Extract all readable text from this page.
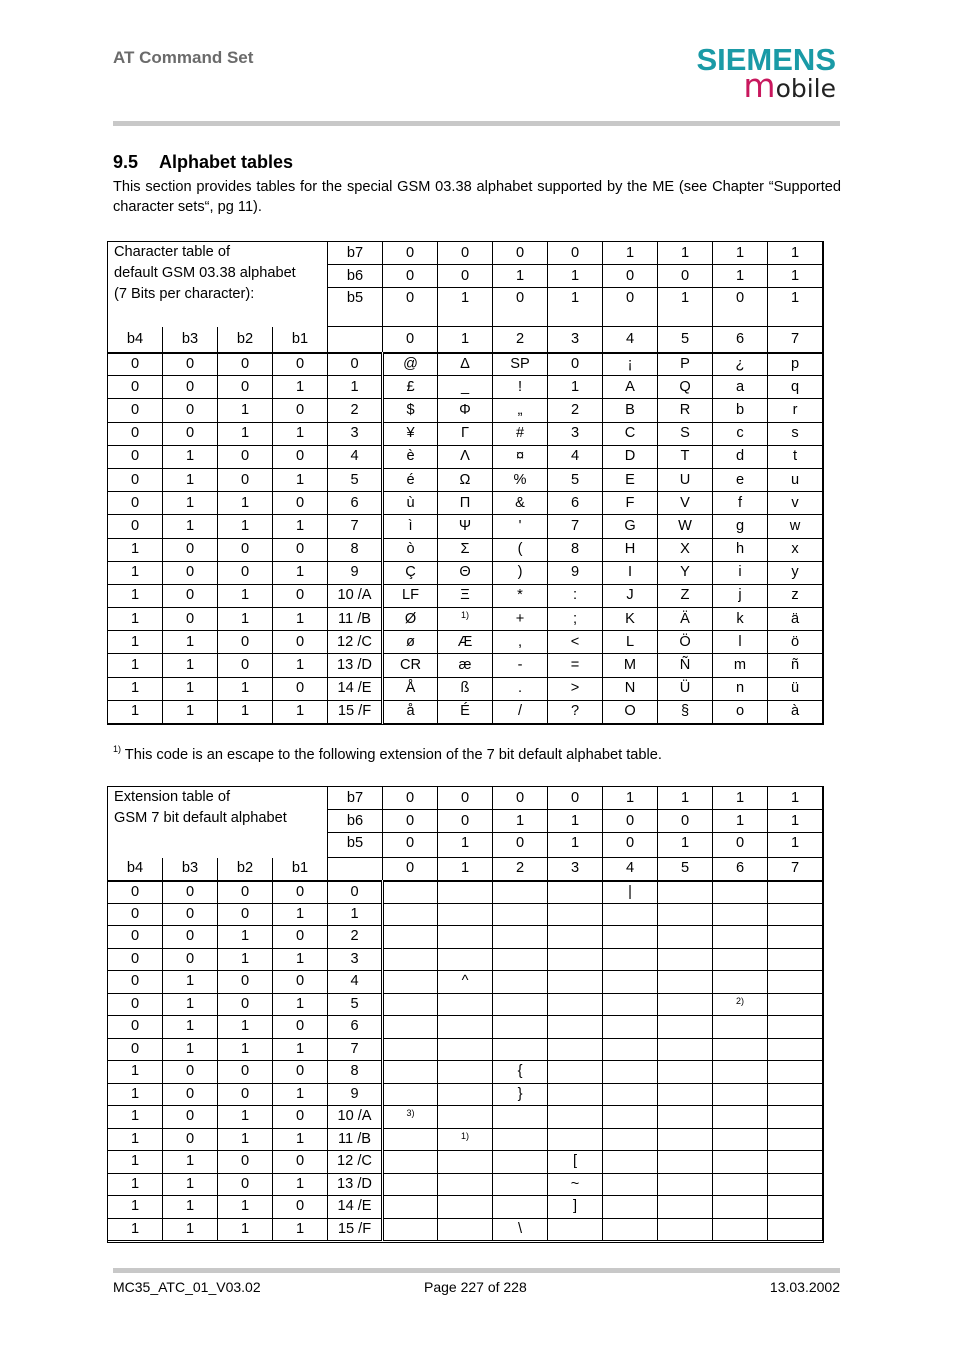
AT Command Set	SIEMENS
mobile
9.5 Alphabet tables
This section provides tables for the special GSM 03.38 alphabet supported by the ME (see Chapter “Supported character sets“, pg 11).
Character table of
default GSM 03.38 alphabet
(7 Bits per character):				b7	0	0	0	0	1	1	1	1
				b6	0	0	1	1	0	0	1	1
				b5	0	1	0	1	0	1	0	1
b4	b3	b2	b1		0	1	2	3	4	5	6	7
0	0	0	0	0	@	Δ	SP	0	¡	P	¿	p
0	0	0	1	1	£	_	!	1	A	Q	a	q
0	0	1	0	2	$	Φ	„	2	B	R	b	r
0	0	1	1	3	¥	Γ	#	3	C	S	c	s
0	1	0	0	4	è	Λ	¤	4	D	T	d	t
0	1	0	1	5	é	Ω	%	5	E	U	e	u
0	1	1	0	6	ù	Π	&	6	F	V	f	v
0	1	1	1	7	ì	Ψ	'	7	G	W	g	w
1	0	0	0	8	ò	Σ	(	8	H	X	h	x
1	0	0	1	9	Ç	Θ	)	9	I	Y	i	y
1	0	1	0	10 /A	LF	Ξ	*	:	J	Z	j	z
1	0	1	1	11 /B	Ø	1)	+	;	K	Ä	k	ä
1	1	0	0	12 /C	ø	Æ	,	<	L	Ö	l	ö
1	1	0	1	13 /D	CR	æ	-	=	M	Ñ	m	ñ
1	1	1	0	14 /E	Å	ß	.	>	N	Ü	n	ü
1	1	1	1	15 /F	å	É	/	?	O	§	o	à
$^{1)}$ This code is an escape to the following extension of the 7 bit default alphabet table.
Extension table of
GSM 7 bit default alphabet				b7	0	0	0	0	1	1	1	1
				b6	0	0	1	1	0	0	1	1
				b5	0	1	0	1	0	1	0	1
b4	b3	b2	b1		0	1	2	3	4	5	6	7
0	0	0	0	0					|			
0	0	0	1	1								
0	0	1	0	2								
0	0	1	1	3								
0	1	0	0	4		^						
0	1	0	1	5							2)	
0	1	1	0	6								
0	1	1	1	7								
1	0	0	0	8			{					
1	0	0	1	9			}					
1	0	1	0	10 /A	3)							
1	0	1	1	11 /B		1)						
1	1	0	0	12 /C				[				
1	1	0	1	13 /D				~				
1	1	1	0	14 /E				]				
1	1	1	1	15 /F			\					
MC35_ATC_01_V03.02	Page 227 of 228	13.03.2002
